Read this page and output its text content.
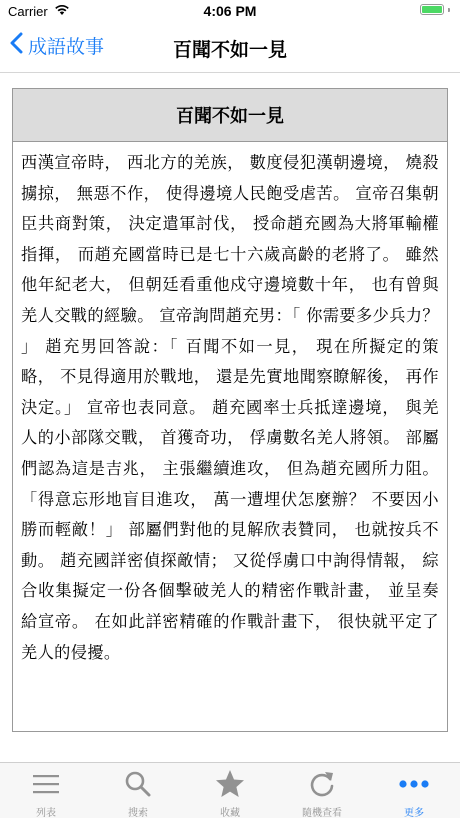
Carrier	4:06 PM
成語故事	百聞不如一見
百聞不如一見
西漢宣帝時， 西北方的羌族， 數度侵犯漢朝邊境， 燒殺擄掠， 無惡不作， 使得邊境人民飽受虐苦。 宣帝召集朝臣共商對策， 決定遣軍討伐， 授命趙充國為大將軍輸權指揮， 而趙充國當時已是七十六歲高齡的老將了。 雖然他年紀老大， 但朝廷看重他戍守邊境數十年， 也有曾與羌人交戰的經驗。 宣帝詢問趙充男：「 你需要多少兵力？ 」 趙充男回答說：「 百聞不如一見， 現在所擬定的策略， 不見得適用於戰地， 還是先實地聞察瞭解後， 再作決定。」 宣帝也表同意。 趙充國率士兵抵達邊境， 與羌人的小部隊交戰， 首獲奇功， 俘虜數名羌人將領。 部屬們認為這是吉兆， 主張繼續進攻， 但為趙充國所力阻。 「得意忘形地盲目進攻， 萬一遭埋伏怎麼辦？ 不要因小勝而輕敵！」 部屬們對他的見解欣表贊同， 也就按兵不動。 趙充國詳密偵探敵情； 又從俘虜口中詢得情報， 綜合收集擬定一份各個擊破羌人的精密作戰計畫， 並呈奏給宣帝。 在如此詳密精確的作戰計畫下， 很快就平定了羌人的侵擾。
列表	搜索	收藏	隨機查看	更多
